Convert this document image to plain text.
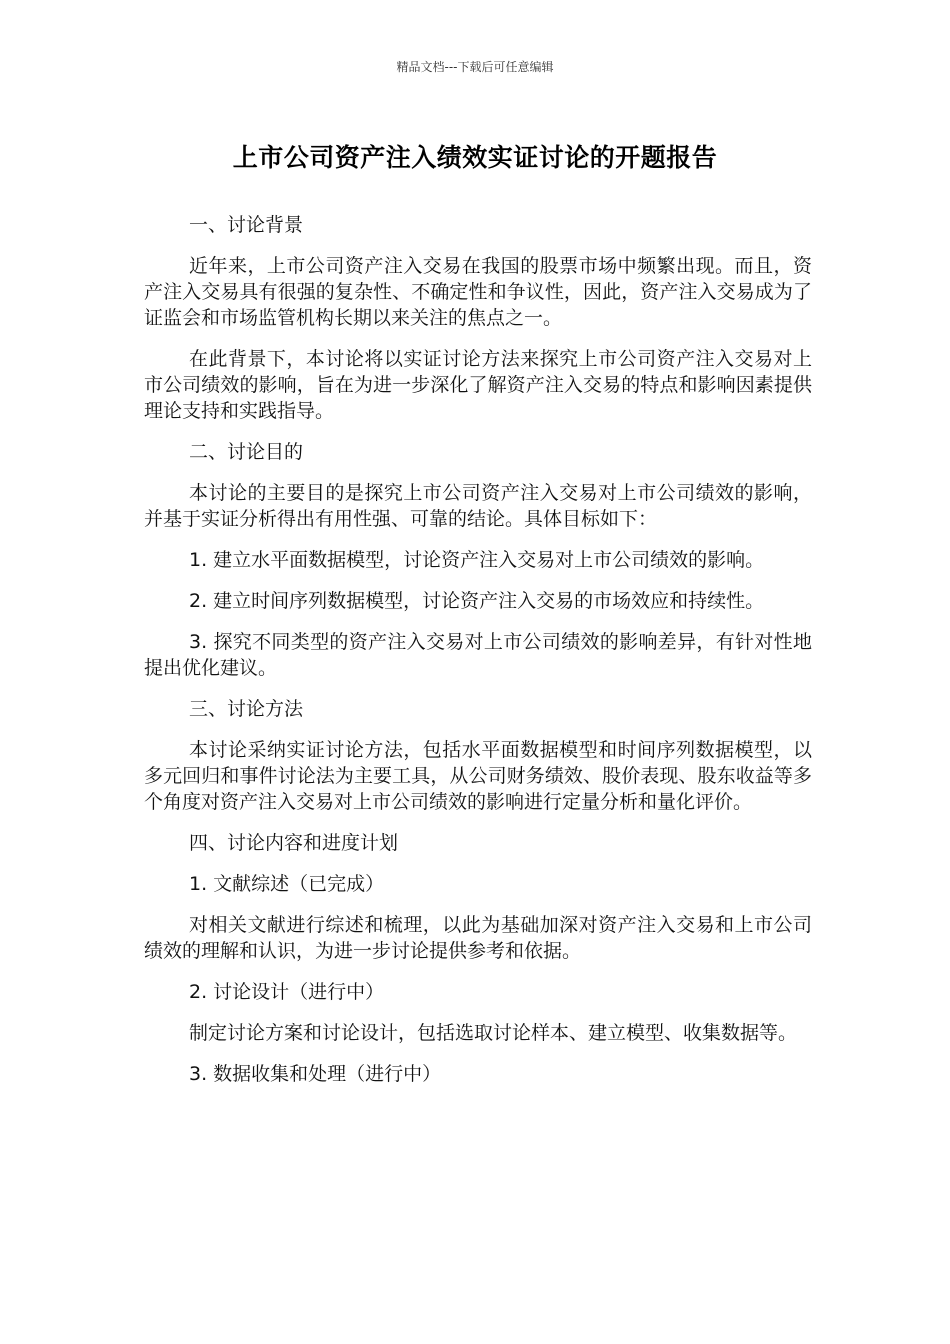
精品文档---下载后可任意编辑
上市公司资产注入绩效实证讨论的开题报告

一、讨论背景

近年来，上市公司资产注入交易在我国的股票市场中频繁出现。而且，资产注入交易具有很强的复杂性、不确定性和争议性，因此，资产注入交易成为了证监会和市场监管机构长期以来关注的焦点之一。

在此背景下，本讨论将以实证讨论方法来探究上市公司资产注入交易对上市公司绩效的影响，旨在为进一步深化了解资产注入交易的特点和影响因素提供理论支持和实践指导。

二、讨论目的

本讨论的主要目的是探究上市公司资产注入交易对上市公司绩效的影响，并基于实证分析得出有用性强、可靠的结论。具体目标如下：

1. 建立水平面数据模型，讨论资产注入交易对上市公司绩效的影响。

2. 建立时间序列数据模型，讨论资产注入交易的市场效应和持续性。

3. 探究不同类型的资产注入交易对上市公司绩效的影响差异，有针对性地提出优化建议。

三、讨论方法

本讨论采纳实证讨论方法，包括水平面数据模型和时间序列数据模型，以多元回归和事件讨论法为主要工具，从公司财务绩效、股价表现、股东收益等多个角度对资产注入交易对上市公司绩效的影响进行定量分析和量化评价。

四、讨论内容和进度计划

1. 文献综述（已完成）

对相关文献进行综述和梳理，以此为基础加深对资产注入交易和上市公司绩效的理解和认识，为进一步讨论提供参考和依据。

2. 讨论设计（进行中）

制定讨论方案和讨论设计，包括选取讨论样本、建立模型、收集数据等。

3. 数据收集和处理（进行中）
